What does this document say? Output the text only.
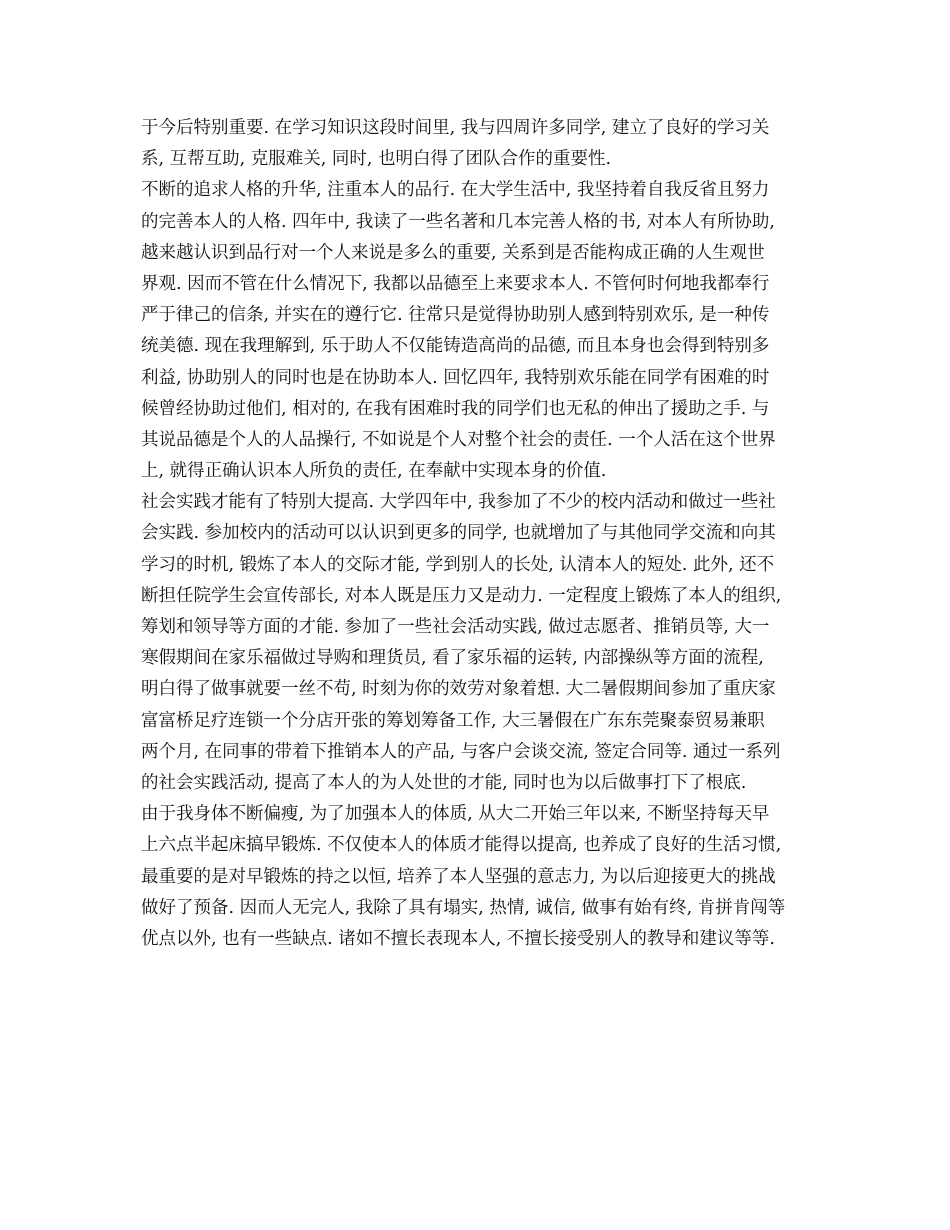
于今后特别重要. 在学习知识这段时间里, 我与四周许多同学, 建立了良好的学习关
系, 互帮互助, 克服难关, 同时, 也明白得了团队合作的重要性.
不断的追求人格的升华, 注重本人的品行. 在大学生活中, 我坚持着自我反省且努力
的完善本人的人格. 四年中, 我读了一些名著和几本完善人格的书, 对本人有所协助,
越来越认识到品行对一个人来说是多么的重要, 关系到是否能构成正确的人生观世
界观. 因而不管在什么情况下, 我都以品德至上来要求本人. 不管何时何地我都奉行
严于律己的信条, 并实在的遵行它. 往常只是觉得协助别人感到特别欢乐, 是一种传
统美德. 现在我理解到, 乐于助人不仅能铸造高尚的品德, 而且本身也会得到特别多
利益, 协助别人的同时也是在协助本人. 回忆四年, 我特别欢乐能在同学有困难的时
候曾经协助过他们, 相对的, 在我有困难时我的同学们也无私的伸出了援助之手. 与
其说品德是个人的人品操行, 不如说是个人对整个社会的责任. 一个人活在这个世界
上, 就得正确认识本人所负的责任, 在奉献中实现本身的价值.
社会实践才能有了特别大提高. 大学四年中, 我参加了不少的校内活动和做过一些社
会实践. 参加校内的活动可以认识到更多的同学, 也就增加了与其他同学交流和向其
学习的时机, 锻炼了本人的交际才能, 学到别人的长处, 认清本人的短处. 此外, 还不
断担任院学生会宣传部长, 对本人既是压力又是动力. 一定程度上锻炼了本人的组织,
筹划和领导等方面的才能. 参加了一些社会活动实践, 做过志愿者、推销员等, 大一
寒假期间在家乐福做过导购和理货员, 看了家乐福的运转, 内部操纵等方面的流程,
明白得了做事就要一丝不苟, 时刻为你的效劳对象着想. 大二暑假期间参加了重庆家
富富桥足疗连锁一个分店开张的筹划筹备工作, 大三暑假在广东东莞聚泰贸易兼职
两个月, 在同事的带着下推销本人的产品, 与客户会谈交流, 签定合同等. 通过一系列
的社会实践活动, 提高了本人的为人处世的才能, 同时也为以后做事打下了根底.
由于我身体不断偏瘦, 为了加强本人的体质, 从大二开始三年以来, 不断坚持每天早
上六点半起床搞早锻炼. 不仅使本人的体质才能得以提高, 也养成了良好的生活习惯,
最重要的是对早锻炼的持之以恒, 培养了本人坚强的意志力, 为以后迎接更大的挑战
做好了预备. 因而人无完人, 我除了具有塌实, 热情, 诚信, 做事有始有终, 肯拼肯闯等
优点以外, 也有一些缺点. 诸如不擅长表现本人, 不擅长接受别人的教导和建议等等.
